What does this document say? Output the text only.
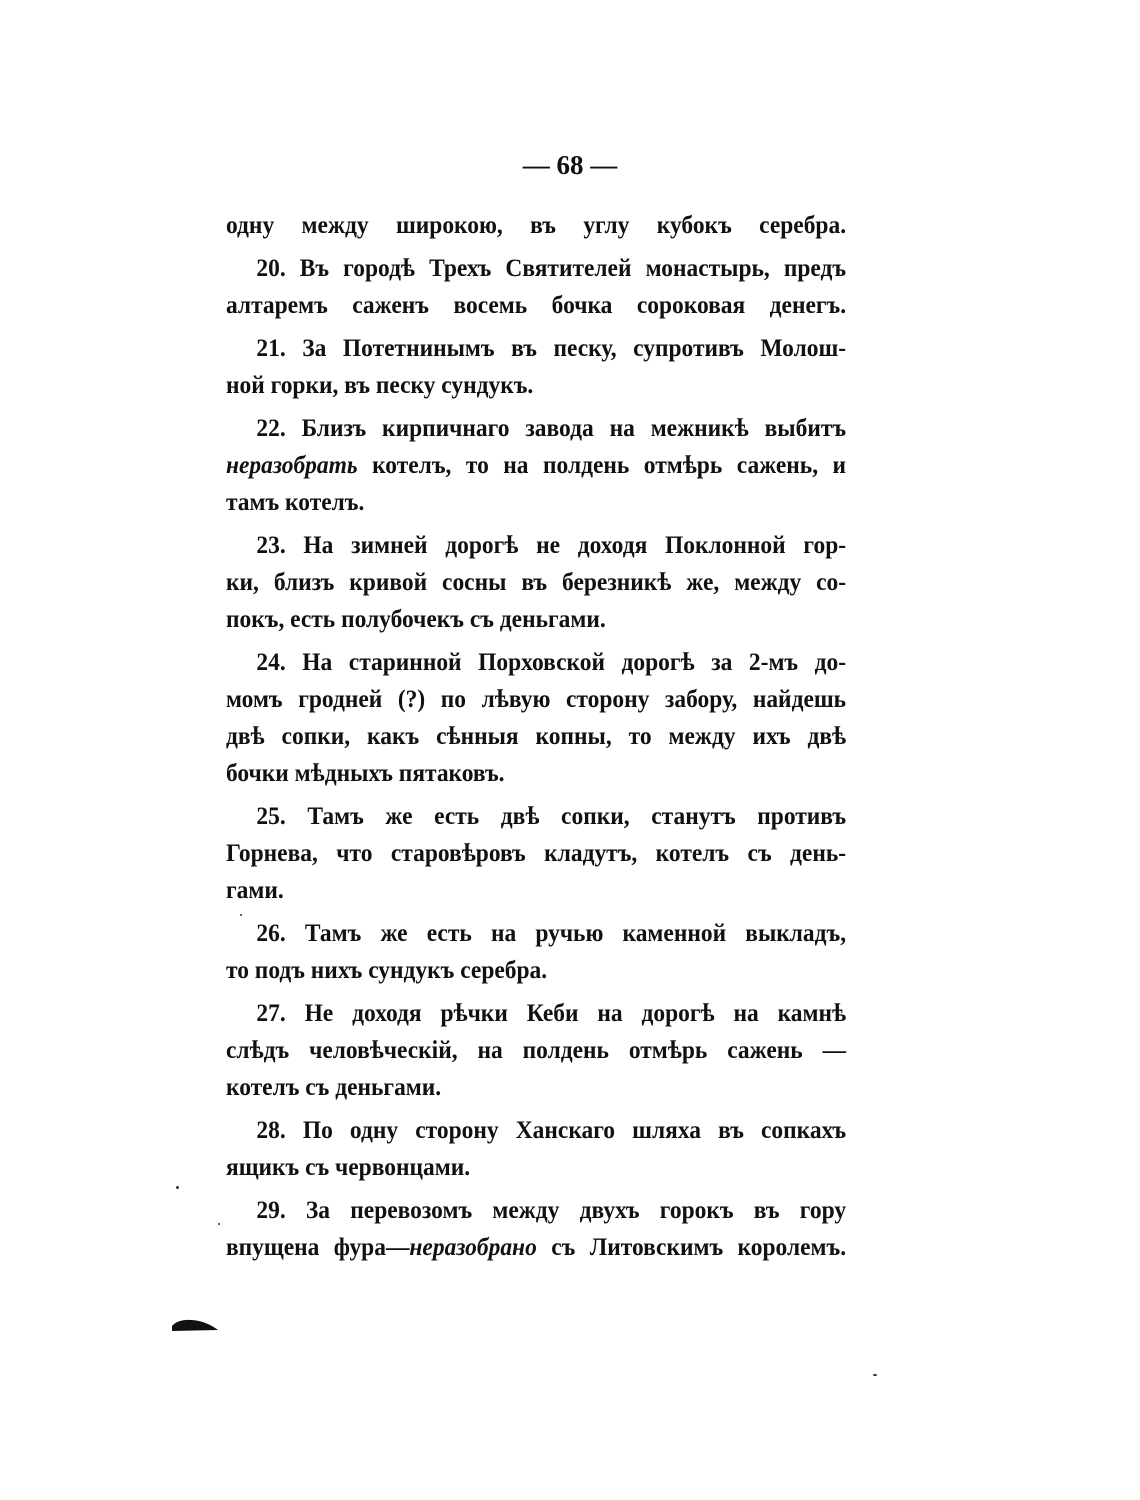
— 68 —
одну между широкою, въ углу кубокъ серебра.
20. Въ городѣ Трехъ Святителей монастырь, предъ
алтаремъ саженъ восемь бочка сороковая денегъ.
21. За Потетнинымъ въ песку, супротивъ Молош-
ной горки, въ песку сундукъ.
22. Близъ кирпичнаго завода на межникѣ выбитъ
неразобрать котелъ, то на полдень отмѣрь сажень, и
тамъ котелъ.
23. На зимней дорогѣ не доходя Поклонной гор-
ки, близъ кривой сосны въ березникѣ же, между со-
покъ, есть полубочекъ съ деньгами.
24. На старинной Порховской дорогѣ за 2-мъ до-
момъ гродней (?) по лѣвую сторону забору, найдешь
двѣ сопки, какъ сѣнныя копны, то между ихъ двѣ
бочки мѣдныхъ пятаковъ.
25. Тамъ же есть двѣ сопки, станутъ противъ
Горнева, что старовѣровъ кладутъ, котелъ съ день-
гами.
26. Тамъ же есть на ручью каменной выкладъ,
то подъ нихъ сундукъ серебра.
27. Не доходя рѣчки Кеби на дорогѣ на камнѣ
слѣдъ человѣческій, на полдень отмѣрь сажень —
котелъ съ деньгами.
28. По одну сторону Ханскаго шляха въ сопкахъ
ящикъ съ червонцами.
29. За перевозомъ между двухъ горокъ въ гору
впущена фура—неразобрано съ Литовскимъ королемъ.
